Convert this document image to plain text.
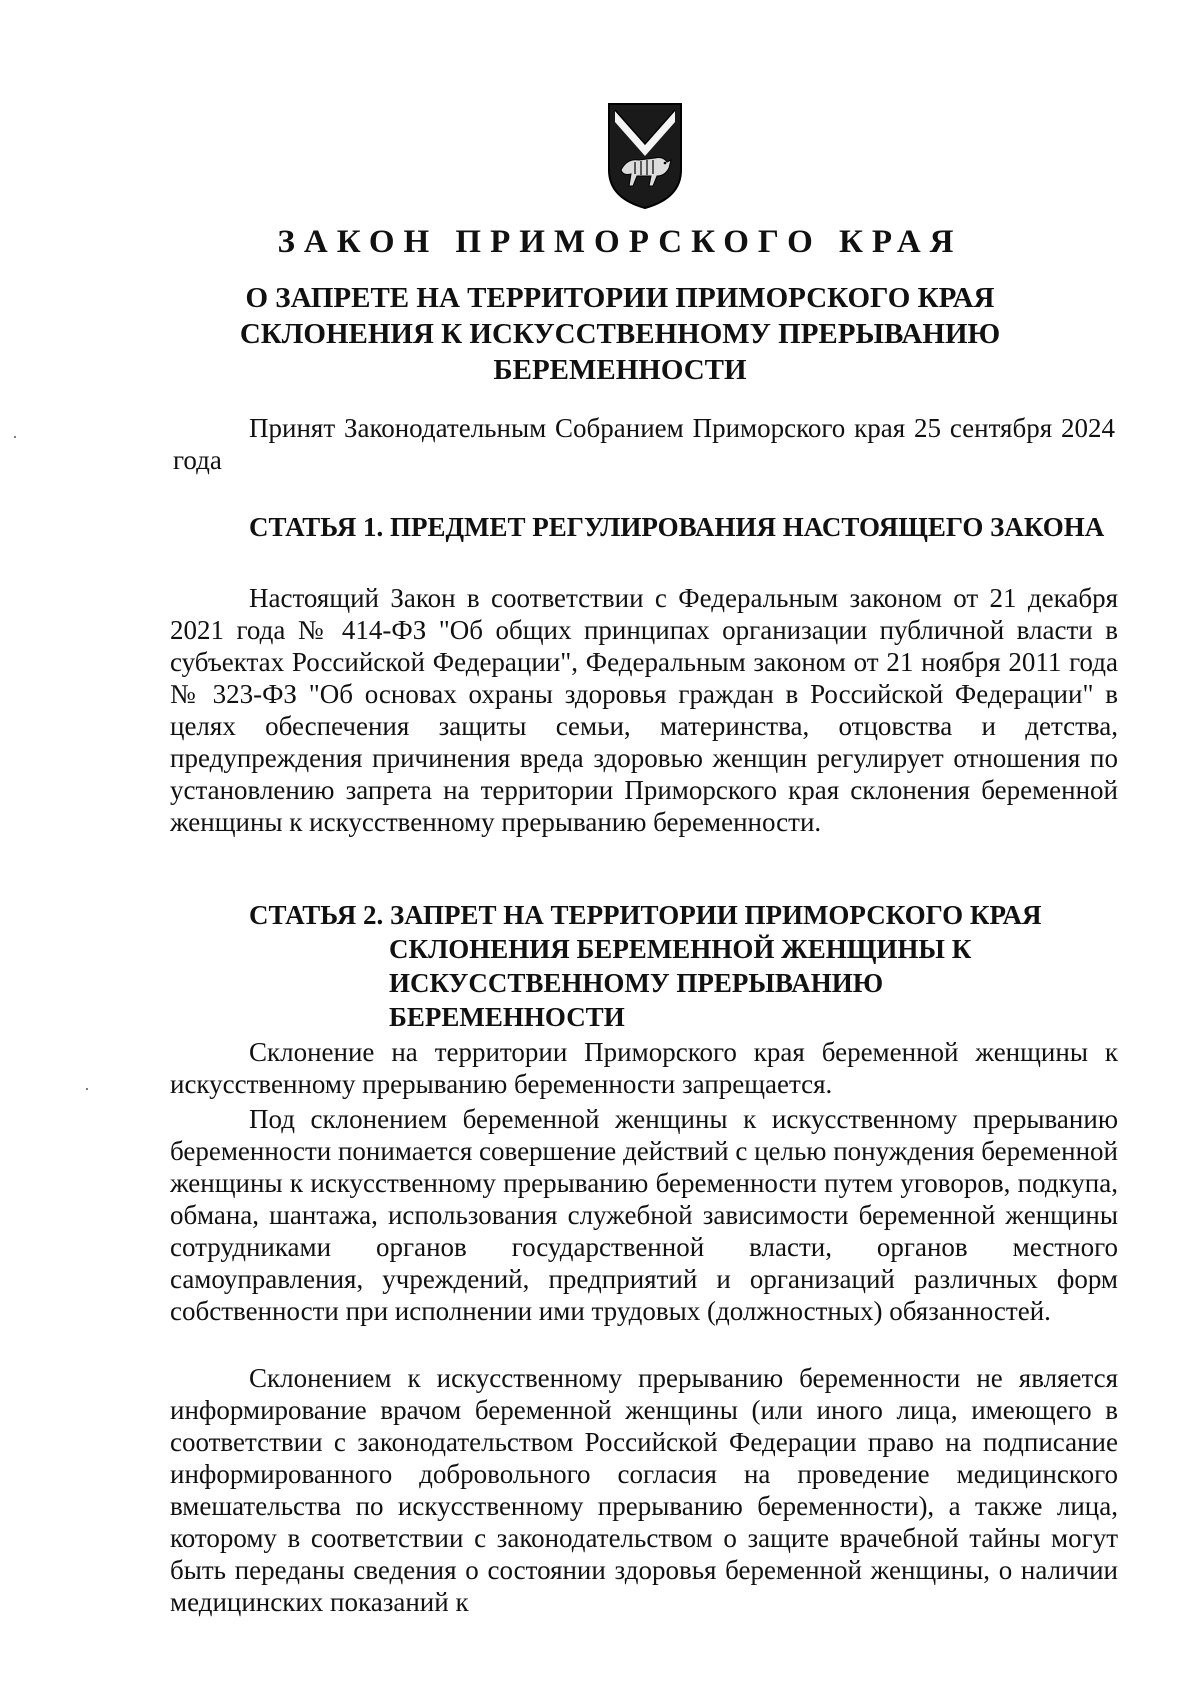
ЗАКОН ПРИМОРСКОГО КРАЯ
О ЗАПРЕТЕ НА ТЕРРИТОРИИ ПРИМОРСКОГО КРАЯ
СКЛОНЕНИЯ К ИСКУССТВЕННОМУ ПРЕРЫВАНИЮ
БЕРЕМЕННОСТИ

Принят Законодательным Собранием Приморского края 25 сентября 2024 года

СТАТЬЯ 1. ПРЕДМЕТ РЕГУЛИРОВАНИЯ НАСТОЯЩЕГО ЗАКОНА

Настоящий Закон в соответствии с Федеральным законом от 21 декабря 2021 года № 414-ФЗ "Об общих принципах организации публичной власти в субъектах Российской Федерации", Федеральным законом от 21 ноября 2011 года № 323-ФЗ "Об основах охраны здоровья граждан в Российской Федерации" в целях обеспечения защиты семьи, материнства, отцовства и детства, предупреждения причинения вреда здоровью женщин регулирует отношения по установлению запрета на территории Приморского края склонения беременной женщины к искусственному прерыванию беременности.

СТАТЬЯ 2. ЗАПРЕТ НА ТЕРРИТОРИИ ПРИМОРСКОГО КРАЯ
СКЛОНЕНИЯ БЕРЕМЕННОЙ ЖЕНЩИНЫ К
ИСКУССТВЕННОМУ ПРЕРЫВАНИЮ БЕРЕМЕННОСТИ

Склонение на территории Приморского края беременной женщины к искусственному прерыванию беременности запрещается.

Под склонением беременной женщины к искусственному прерыванию беременности понимается совершение действий с целью понуждения беременной женщины к искусственному прерыванию беременности путем уговоров, подкупа, обмана, шантажа, использования служебной зависимости беременной женщины сотрудниками органов государственной власти, органов местного самоуправления, учреждений, предприятий и организаций различных форм собственности при исполнении ими трудовых (должностных) обязанностей.

Склонением к искусственному прерыванию беременности не является информирование врачом беременной женщины (или иного лица, имеющего в соответствии с законодательством Российской Федерации право на подписание информированного добровольного согласия на проведение медицинского вмешательства по искусственному прерыванию беременности), а также лица, которому в соответствии с законодательством о защите врачебной тайны могут быть переданы сведения о состоянии здоровья беременной женщины, о наличии медицинских показаний к
